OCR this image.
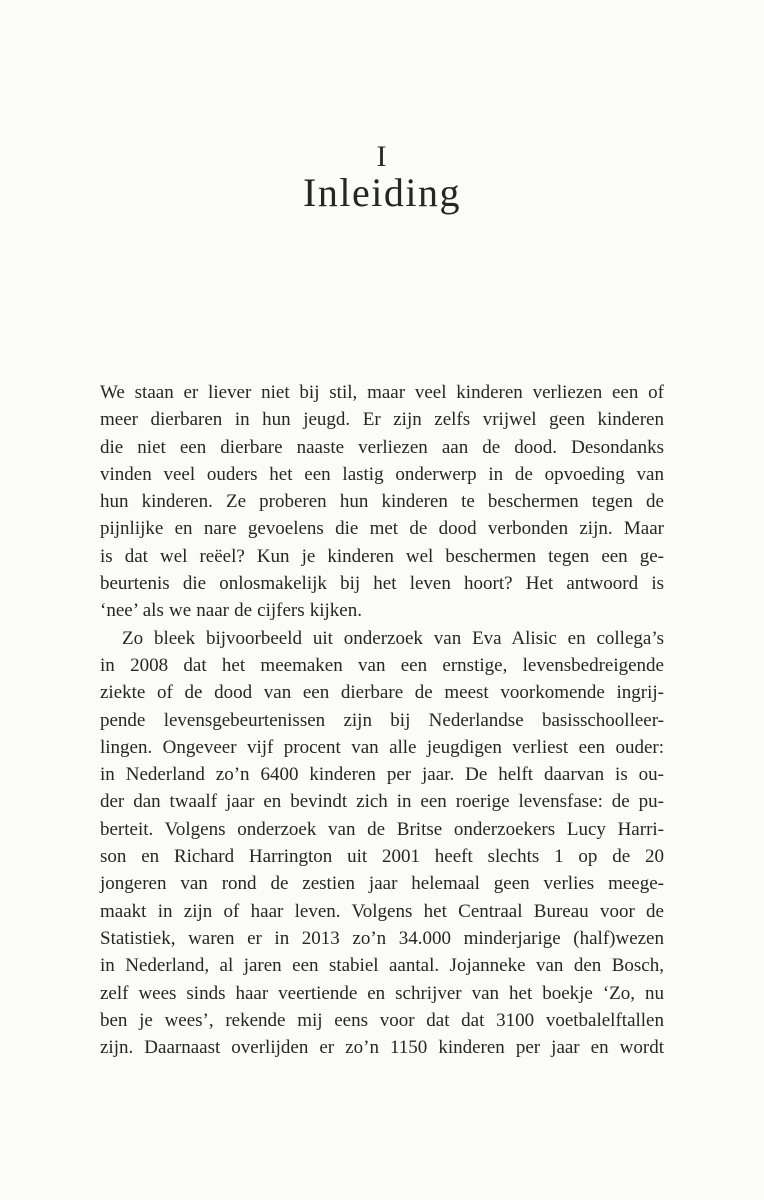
I
Inleiding
We staan er liever niet bij stil, maar veel kinderen verliezen een of
meer dierbaren in hun jeugd. Er zijn zelfs vrijwel geen kinderen
die niet een dierbare naaste verliezen aan de dood. Desondanks
vinden veel ouders het een lastig onderwerp in de opvoeding van
hun kinderen. Ze proberen hun kinderen te beschermen tegen de
pijnlijke en nare gevoelens die met de dood verbonden zijn. Maar
is dat wel reëel? Kun je kinderen wel beschermen tegen een ge-
beurtenis die onlosmakelijk bij het leven hoort? Het antwoord is
‘nee’ als we naar de cijfers kijken.
Zo bleek bijvoorbeeld uit onderzoek van Eva Alisic en collega’s
in 2008 dat het meemaken van een ernstige, levensbedreigende
ziekte of de dood van een dierbare de meest voorkomende ingrij-
pende levensgebeurtenissen zijn bij Nederlandse basisschoolleer-
lingen. Ongeveer vijf procent van alle jeugdigen verliest een ouder:
in Nederland zo’n 6400 kinderen per jaar. De helft daarvan is ou-
der dan twaalf jaar en bevindt zich in een roerige levensfase: de pu-
berteit. Volgens onderzoek van de Britse onderzoekers Lucy Harri-
son en Richard Harrington uit 2001 heeft slechts 1 op de 20
jongeren van rond de zestien jaar helemaal geen verlies meege-
maakt in zijn of haar leven. Volgens het Centraal Bureau voor de
Statistiek, waren er in 2013 zo’n 34.000 minderjarige (half)wezen
in Nederland, al jaren een stabiel aantal. Jojanneke van den Bosch,
zelf wees sinds haar veertiende en schrijver van het boekje ‘Zo, nu
ben je wees’, rekende mij eens voor dat dat 3100 voetbalelftallen
zijn. Daarnaast overlijden er zo’n 1150 kinderen per jaar en wordt
